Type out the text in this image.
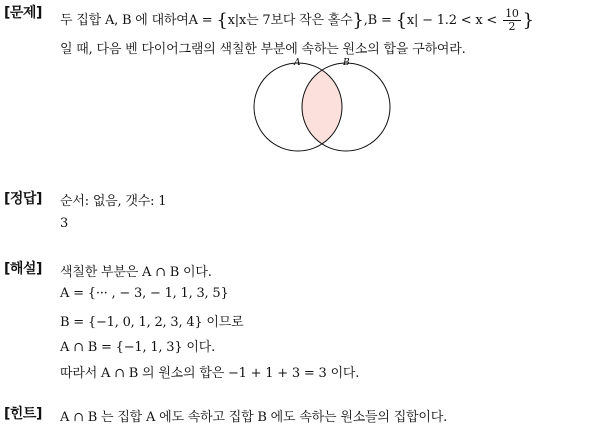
[문제] 두 집합 A, B 에 대하여A = {x|x는 7보다 작은 홀수}$,B = \{x| - 1.2 < x < \frac{10}{2}$ }
일 때, 다음 벤 다이어그램의 색칠한 부분에 속하는 원소의 합을 구하여라.
A	B
[정답] 순서: 없음, 갯수: 1
3
[해설] 색칠한 부분은 A ∩ B 이다.
A = {··· , − 3, − 1, 1, 3, 5}
B = {−1, 0, 1, 2, 3, 4} 이므로
A ∩ B = {−1, 1, 3} 이다.
따라서 A ∩ B 의 원소의 합은 −1 + 1 + 3 = 3 이다.
[힌트] A ∩ B 는 집합 A 에도 속하고 집합 B 에도 속하는 원소들의 집합이다.
